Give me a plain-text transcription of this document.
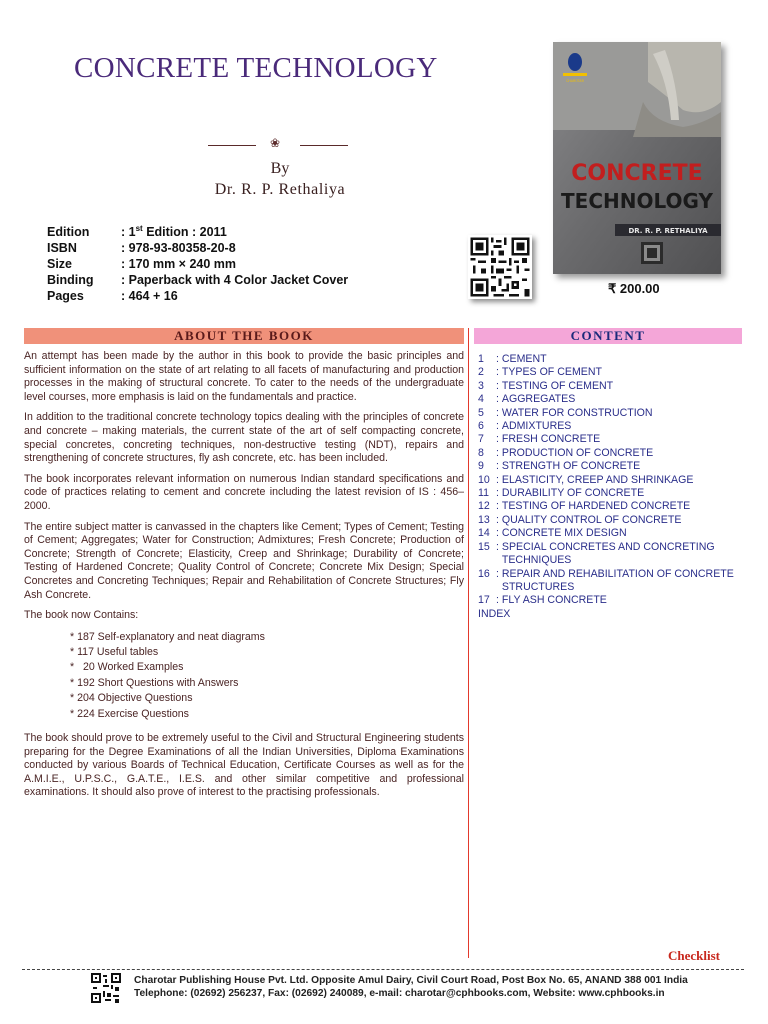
CONCRETE TECHNOLOGY
❀
By
Dr. R. P. Rethaliya
Edition	: 1st Edition : 2011
ISBN	: 978-93-80358-20-8
Size	: 170 mm × 240 mm
Binding : Paperback with 4 Color Jacket Cover
Pages	: 464 + 16
CHAROTAR
CONCRETE
TECHNOLOGY
DR. R. P. RETHALIYA
₹ 200.00
ABOUT THE BOOK	CONTENT

An attempt has been made by the author in this book to provide the basic principles and sufficient information on the state of art relating to all facets of manufacturing and production processes in the making of structural concrete. To cater to the needs of the undergraduate level courses, more emphasis is laid on the fundamentals and practice.

In addition to the traditional concrete technology topics dealing with the principles of concrete and concrete – making materials, the current state of the art of self compacting concrete, special concretes, concreting techniques, non-destructive testing (NDT), repairs and strengthening of concrete structures, fly ash concrete, etc. has been included.

The book incorporates relevant information on numerous Indian standard specifications and code of practices relating to cement and concrete including the latest revision of IS : 456–2000.

The entire subject matter is canvassed in the chapters like Cement; Types of Cement; Testing of Cement; Aggregates; Water for Construction; Admixtures; Fresh Concrete; Production of Concrete; Strength of Concrete; Elasticity, Creep and Shrinkage; Durability of Concrete; Testing of Hardened Concrete; Quality Control of Concrete; Concrete Mix Design; Special Concretes and Concreting Techniques; Repair and Rehabilitation of Concrete Structures; Fly Ash Concrete.

The book now Contains:

* 187 Self-explanatory and neat diagrams
* 117 Useful tables
*   20 Worked Examples
* 192 Short Questions with Answers
* 204 Objective Questions
* 224 Exercise Questions

The book should prove to be extremely useful to the Civil and Structural Engineering students preparing for the Degree Examinations of all the Indian Universities, Diploma Examinations conducted by various Boards of Technical Education, Certificate Courses as well as for the A.M.I.E., U.P.S.C., G.A.T.E., I.E.S. and other similar competitive and professional examinations. It should also prove of interest to the practising professionals.

1	: CEMENT
2	: TYPES OF CEMENT
3	: TESTING OF CEMENT
4	: AGGREGATES
5	: WATER FOR CONSTRUCTION
6	: ADMIXTURES
7	: FRESH CONCRETE
8	: PRODUCTION OF CONCRETE
9	: STRENGTH OF CONCRETE
10 : ELASTICITY, CREEP AND SHRINKAGE
11 : DURABILITY OF CONCRETE
12 : TESTING OF HARDENED CONCRETE
13 : QUALITY CONTROL OF CONCRETE
14 : CONCRETE MIX DESIGN
15 : SPECIAL CONCRETES AND CONCRETING TECHNIQUES
16 : REPAIR AND REHABILITATION OF CONCRETE STRUCTURES
17 : FLY ASH CONCRETE
INDEX
Checklist
Charotar Publishing House Pvt. Ltd. Opposite Amul Dairy, Civil Court Road, Post Box No. 65, ANAND 388 001 India
Telephone: (02692) 256237, Fax: (02692) 240089, e-mail: charotar@cphbooks.com, Website: www.cphbooks.in
